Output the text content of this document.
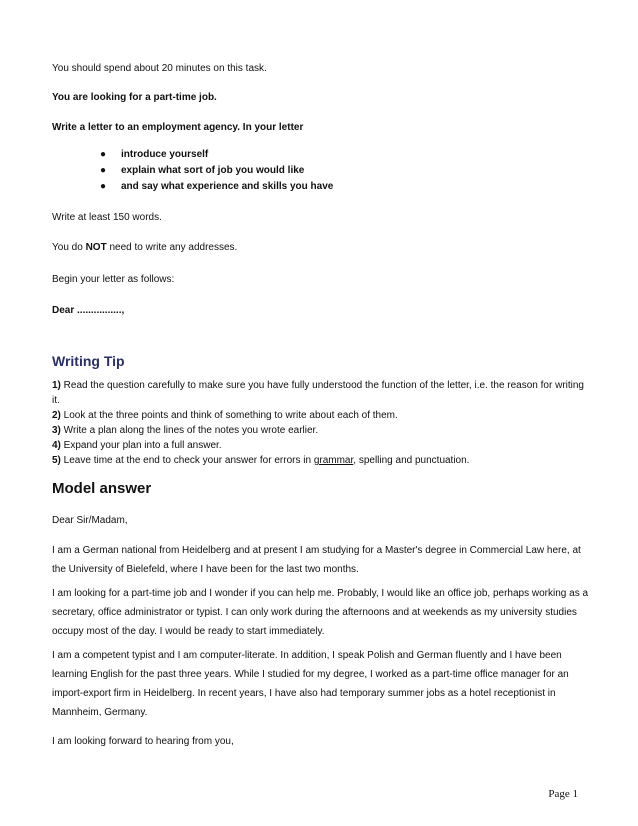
You should spend about 20 minutes on this task.
You are looking for a part-time job.
Write a letter to an employment agency. In your letter
● introduce yourself
● explain what sort of job you would like
● and say what experience and skills you have
Write at least 150 words.
You do NOT need to write any addresses.
Begin your letter as follows:
Dear ................,
Writing Tip
1) Read the question carefully to make sure you have fully understood the function of the letter, i.e. the reason for writing it.
2) Look at the three points and think of something to write about each of them.
3) Write a plan along the lines of the notes you wrote earlier.
4) Expand your plan into a full answer.
5) Leave time at the end to check your answer for errors in grammar, spelling and punctuation.
Model answer
Dear Sir/Madam,

I am a German national from Heidelberg and at present I am studying for a Master's degree in Commercial Law here, at the University of Bielefeld, where I have been for the last two months.

I am looking for a part-time job and I wonder if you can help me. Probably, I would like an office job, perhaps working as a secretary, office administrator or typist. I can only work during the afternoons and at weekends as my university studies occupy most of the day. I would be ready to start immediately.

I am a competent typist and I am computer-literate. In addition, I speak Polish and German fluently and I have been learning English for the past three years. While I studied for my degree, I worked as a part-time office manager for an import-export firm in Heidelberg. In recent years, I have also had temporary summer jobs as a hotel receptionist in Mannheim, Germany.

I am looking forward to hearing from you,

Page 1
